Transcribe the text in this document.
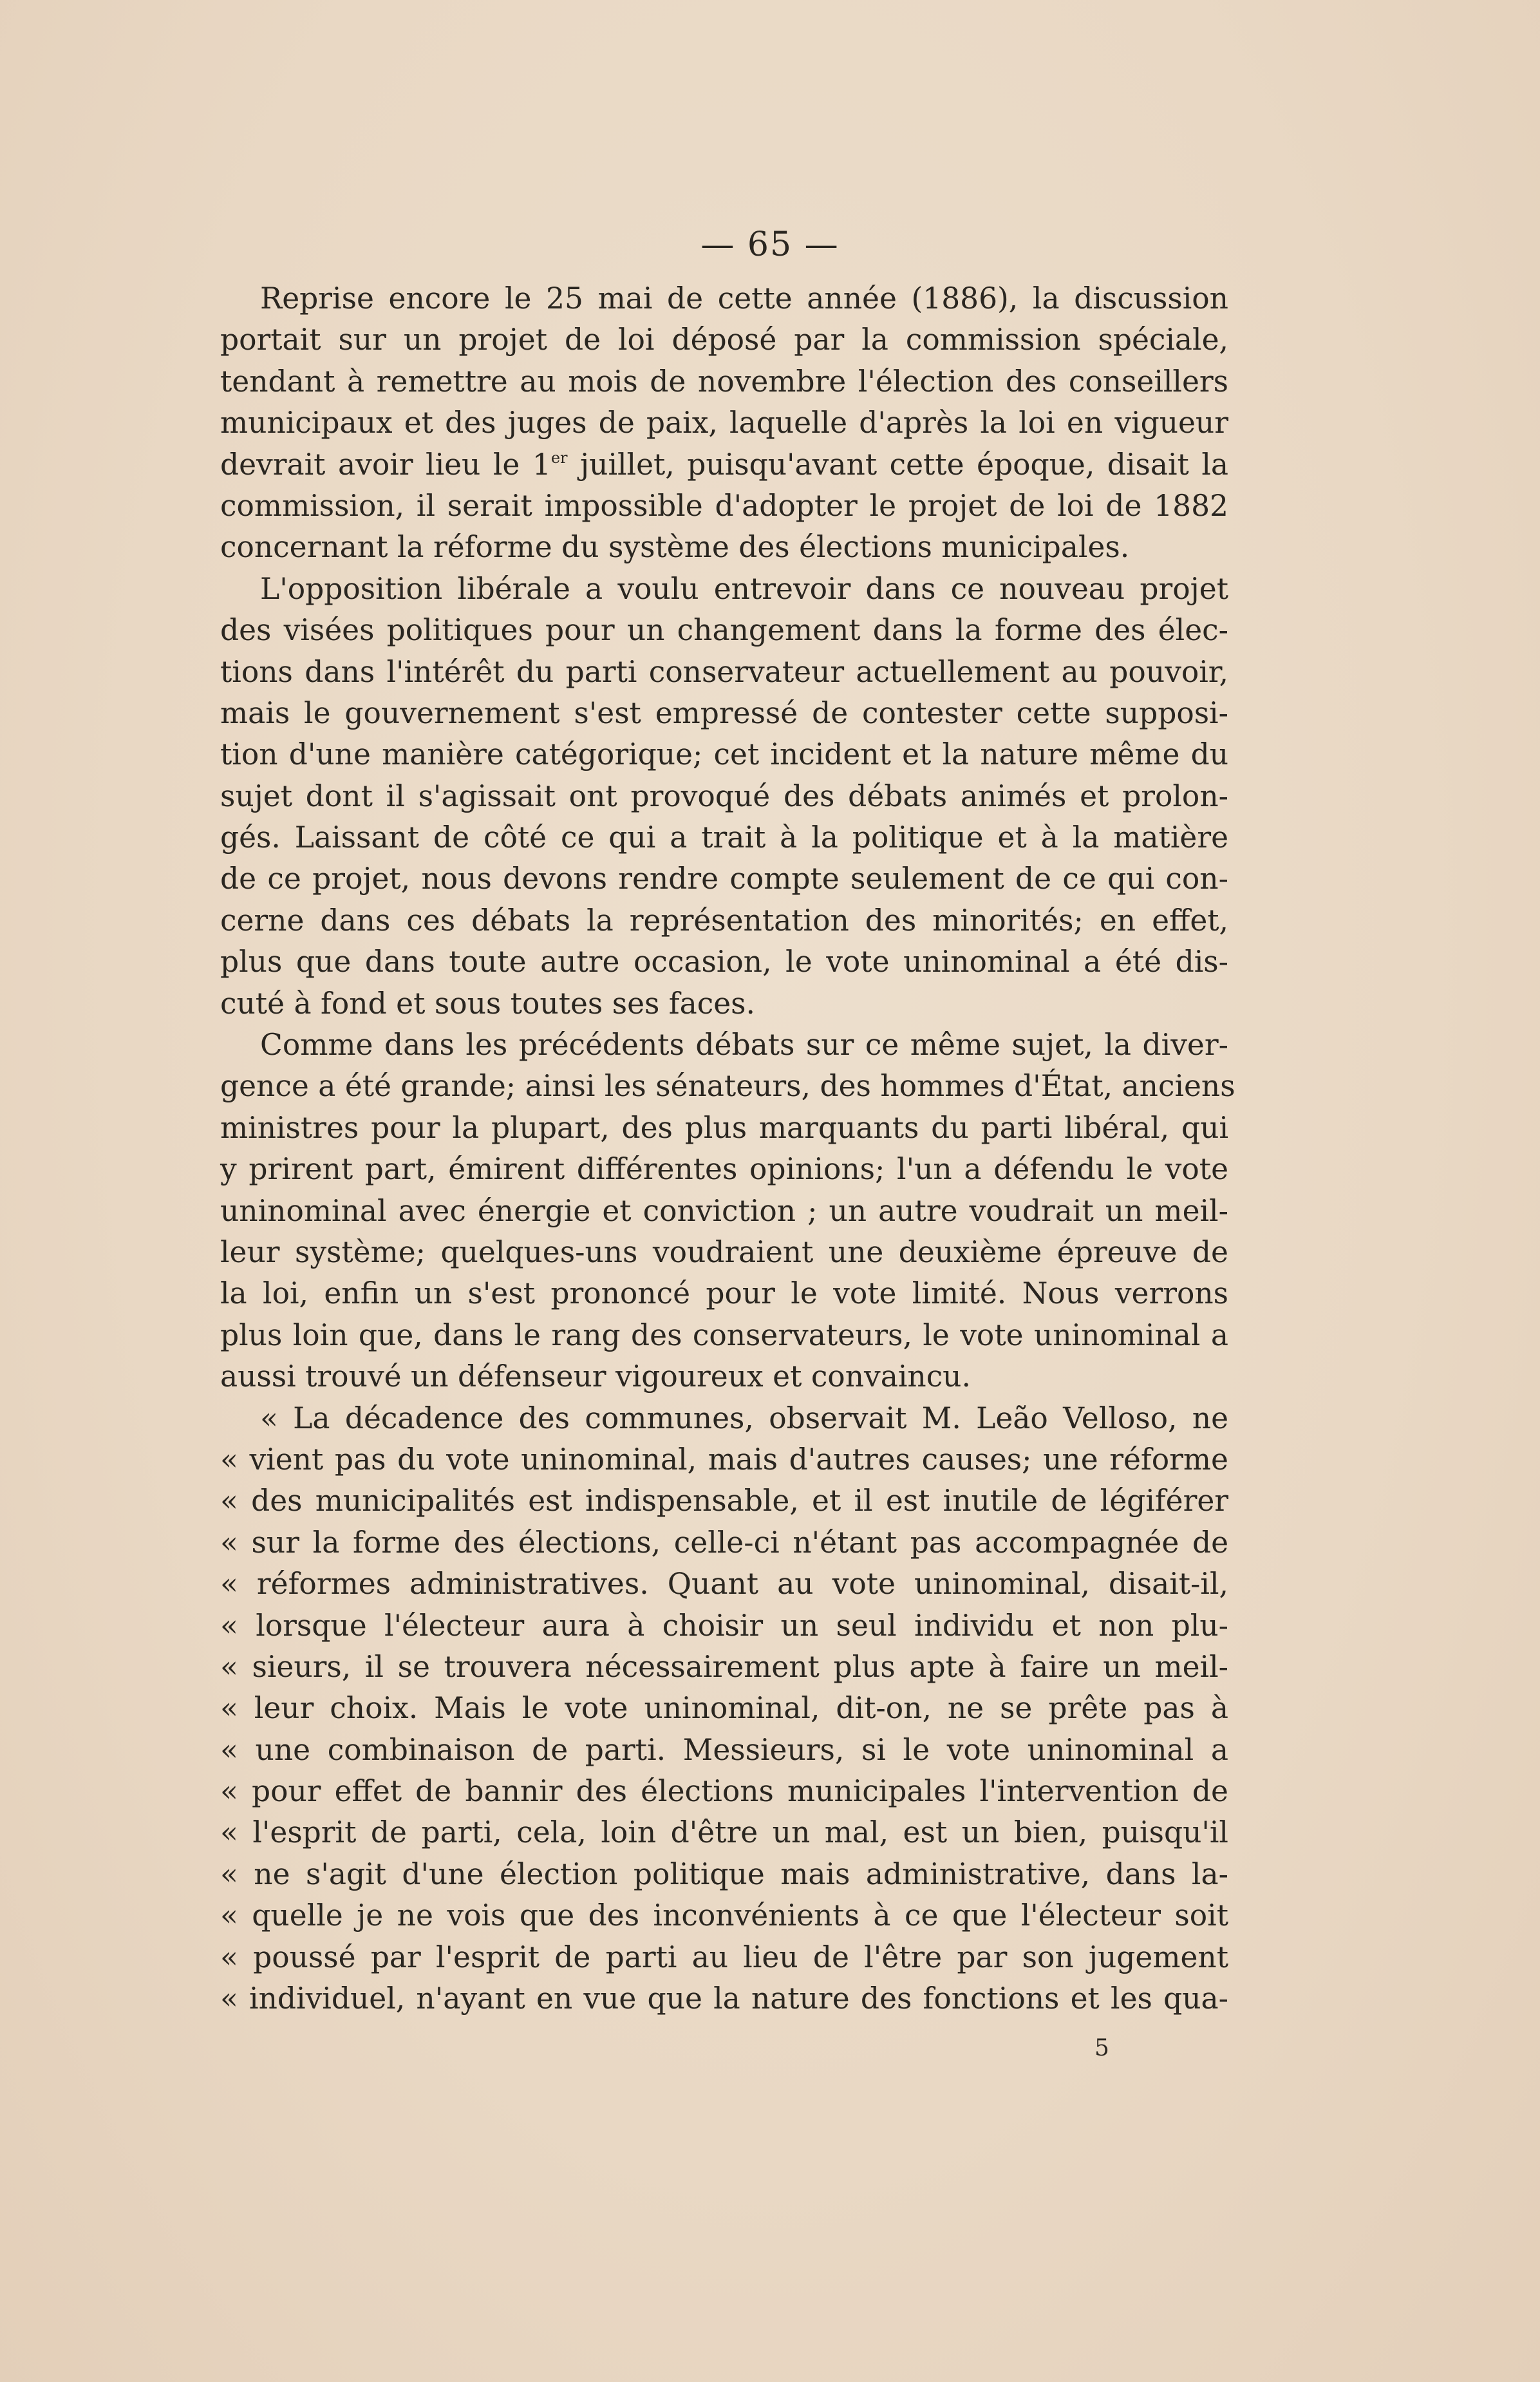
— 65 —
Reprise encore le 25 mai de cette année (1886), la discussion
portait sur un projet de loi déposé par la commission spéciale,
tendant à remettre au mois de novembre l'élection des conseillers
municipaux et des juges de paix, laquelle d'après la loi en vigueur
devrait avoir lieu le 1er juillet, puisqu'avant cette époque, disait la
commission, il serait impossible d'adopter le projet de loi de 1882
concernant la réforme du système des élections municipales.
L'opposition libérale a voulu entrevoir dans ce nouveau projet
des visées politiques pour un changement dans la forme des élec-
tions dans l'intérêt du parti conservateur actuellement au pouvoir,
mais le gouvernement s'est empressé de contester cette supposi-
tion d'une manière catégorique; cet incident et la nature même du
sujet dont il s'agissait ont provoqué des débats animés et prolon-
gés. Laissant de côté ce qui a trait à la politique et à la matière
de ce projet, nous devons rendre compte seulement de ce qui con-
cerne dans ces débats la représentation des minorités; en effet,
plus que dans toute autre occasion, le vote uninominal a été dis-
cuté à fond et sous toutes ses faces.
Comme dans les précédents débats sur ce même sujet, la diver-
gence a été grande; ainsi les sénateurs, des hommes d'État, anciens
ministres pour la plupart, des plus marquants du parti libéral, qui
y prirent part, émirent différentes opinions; l'un a défendu le vote
uninominal avec énergie et conviction ; un autre voudrait un meil-
leur système; quelques-uns voudraient une deuxième épreuve de
la loi, enfin un s'est prononcé pour le vote limité. Nous verrons
plus loin que, dans le rang des conservateurs, le vote uninominal a
aussi trouvé un défenseur vigoureux et convaincu.
« La décadence des communes, observait M. Leão Velloso, ne
« vient pas du vote uninominal, mais d'autres causes; une réforme
« des municipalités est indispensable, et il est inutile de légiférer
« sur la forme des élections, celle-ci n'étant pas accompagnée de
« réformes administratives. Quant au vote uninominal, disait-il,
« lorsque l'électeur aura à choisir un seul individu et non plu-
« sieurs, il se trouvera nécessairement plus apte à faire un meil-
« leur choix. Mais le vote uninominal, dit-on, ne se prête pas à
« une combinaison de parti. Messieurs, si le vote uninominal a
« pour effet de bannir des élections municipales l'intervention de
« l'esprit de parti, cela, loin d'être un mal, est un bien, puisqu'il
« ne s'agit d'une élection politique mais administrative, dans la-
« quelle je ne vois que des inconvénients à ce que l'électeur soit
« poussé par l'esprit de parti au lieu de l'être par son jugement
« individuel, n'ayant en vue que la nature des fonctions et les qua-
5
